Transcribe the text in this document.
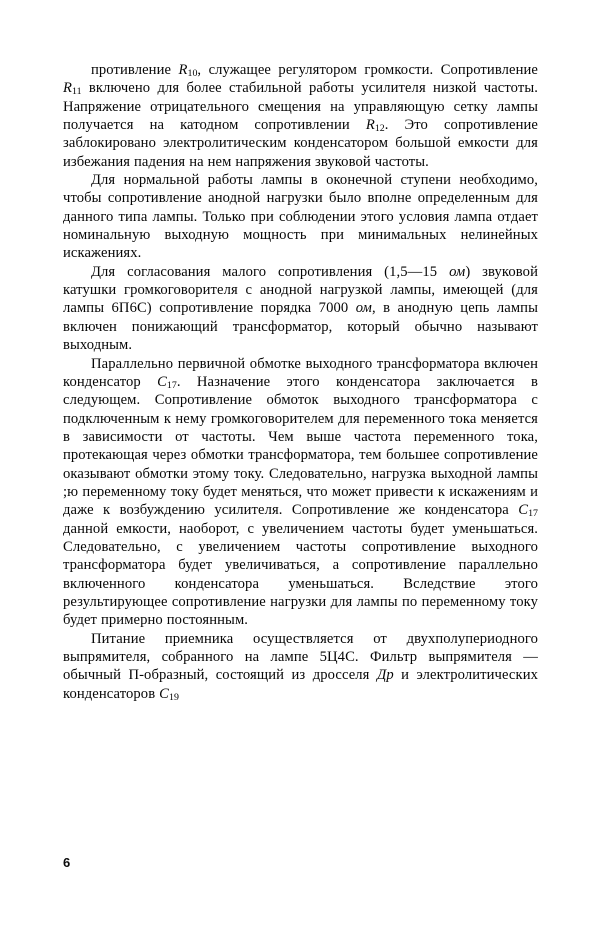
противление $R_{10}$, служащее регулятором громкости. Сопротивление $R_{11}$ включено для более стабильной работы усилителя низкой частоты. Напряжение отрицательного смещения на управляющую сетку лампы получается на катодном сопротивлении $R_{12}$. Это сопротивление заблокировано электролитическим конденсатором большой емкости для избежания падения на нем напряжения звуковой частоты.

Для нормальной работы лампы в оконечной ступени необходимо, чтобы сопротивление анодной нагрузки было вполне определенным для данного типа лампы. Только при соблюдении этого условия лампа отдает номинальную выходную мощность при минимальных нелинейных искажениях.

Для согласования малого сопротивления (1,5—15 ом) звуковой катушки громкоговорителя с анодной нагрузкой лампы, имеющей (для лампы 6П6С) сопротивление порядка 7000 ом, в анодную цепь лампы включен понижающий трансформатор, который обычно называют выходным.

Параллельно первичной обмотке выходного трансформатора включен конденсатор $C_{17}$. Назначение этого конденсатора заключается в следующем. Сопротивление обмоток выходного трансформатора с подключенным к нему громкоговорителем для переменного тока меняется в зависимости от частоты. Чем выше частота переменного тока, протекающая через обмотки трансформатора, тем большее сопротивление оказывают обмотки этому току. Следовательно, нагрузка выходной лампы ;ю переменному току будет меняться, что может привести к искажениям и даже к возбуждению усилителя. Сопротивление же конденсатора $C_{17}$ данной емкости, наоборот, с увеличением частоты будет уменьшаться. Следовательно, с увеличением частоты сопротивление выходного трансформатора будет увеличиваться, а сопротивление параллельно включенного конденсатора уменьшаться. Вследствие этого результирующее сопротивление нагрузки для лампы по переменному току будет примерно постоянным.

Питание приемника осуществляется от двухполупериодного выпрямителя, собранного на лампе 5Ц4С. Фильтр выпрямителя — обычный П-образный, состоящий из дросселя Др и электролитических конденсаторов $C_{19}$

6
